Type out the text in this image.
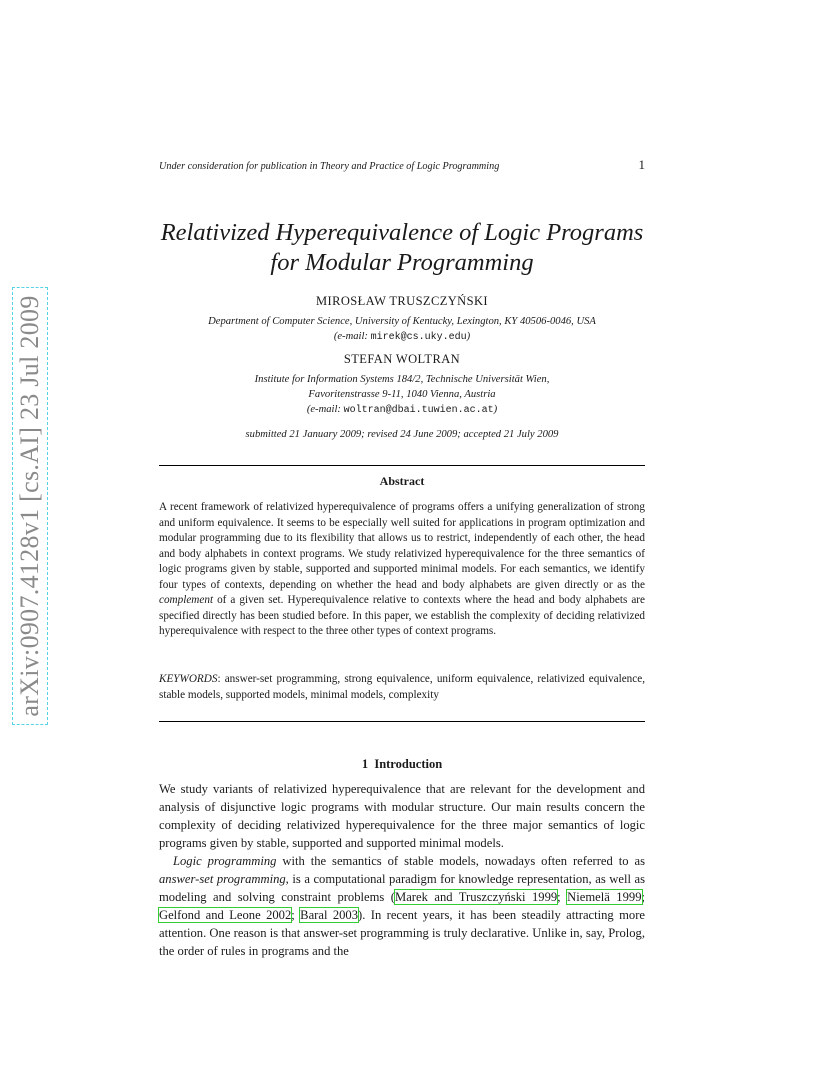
Under consideration for publication in Theory and Practice of Logic Programming	1
arXiv:0907.4128v1 [cs.AI] 23 Jul 2009
Relativized Hyperequivalence of Logic Programs
for Modular Programming
MIROSŁAW TRUSZCZYŃSKI
Department of Computer Science, University of Kentucky, Lexington, KY 40506-0046, USA
(e-mail: mirek@cs.uky.edu)
STEFAN WOLTRAN
Institute for Information Systems 184/2, Technische Universität Wien,
Favoritenstrasse 9-11, 1040 Vienna, Austria
(e-mail: woltran@dbai.tuwien.ac.at)
submitted 21 January 2009; revised 24 June 2009; accepted 21 July 2009
Abstract
A recent framework of relativized hyperequivalence of programs offers a unifying generalization of strong and uniform equivalence. It seems to be especially well suited for applications in program optimization and modular programming due to its flexibility that allows us to restrict, independently of each other, the head and body alphabets in context programs. We study relativized hyperequivalence for the three semantics of logic programs given by stable, supported and supported minimal models. For each semantics, we identify four types of contexts, depending on whether the head and body alphabets are given directly or as the complement of a given set. Hyperequivalence relative to contexts where the head and body alphabets are specified directly has been studied before. In this paper, we establish the complexity of deciding relativized hyperequivalence with respect to the three other types of context programs.
KEYWORDS: answer-set programming, strong equivalence, uniform equivalence, relativized equivalence, stable models, supported models, minimal models, complexity
1 Introduction

We study variants of relativized hyperequivalence that are relevant for the development and analysis of disjunctive logic programs with modular structure. Our main results concern the complexity of deciding relativized hyperequivalence for the three major semantics of logic programs given by stable, supported and supported minimal models.

Logic programming with the semantics of stable models, nowadays often referred to as answer-set programming, is a computational paradigm for knowledge representation, as well as modeling and solving constraint problems (Marek and Truszczyński 1999; Niemelä 1999; Gelfond and Leone 2002; Baral 2003). In recent years, it has been steadily attracting more attention. One reason is that answer-set programming is truly declarative. Unlike in, say, Prolog, the order of rules in programs and the
